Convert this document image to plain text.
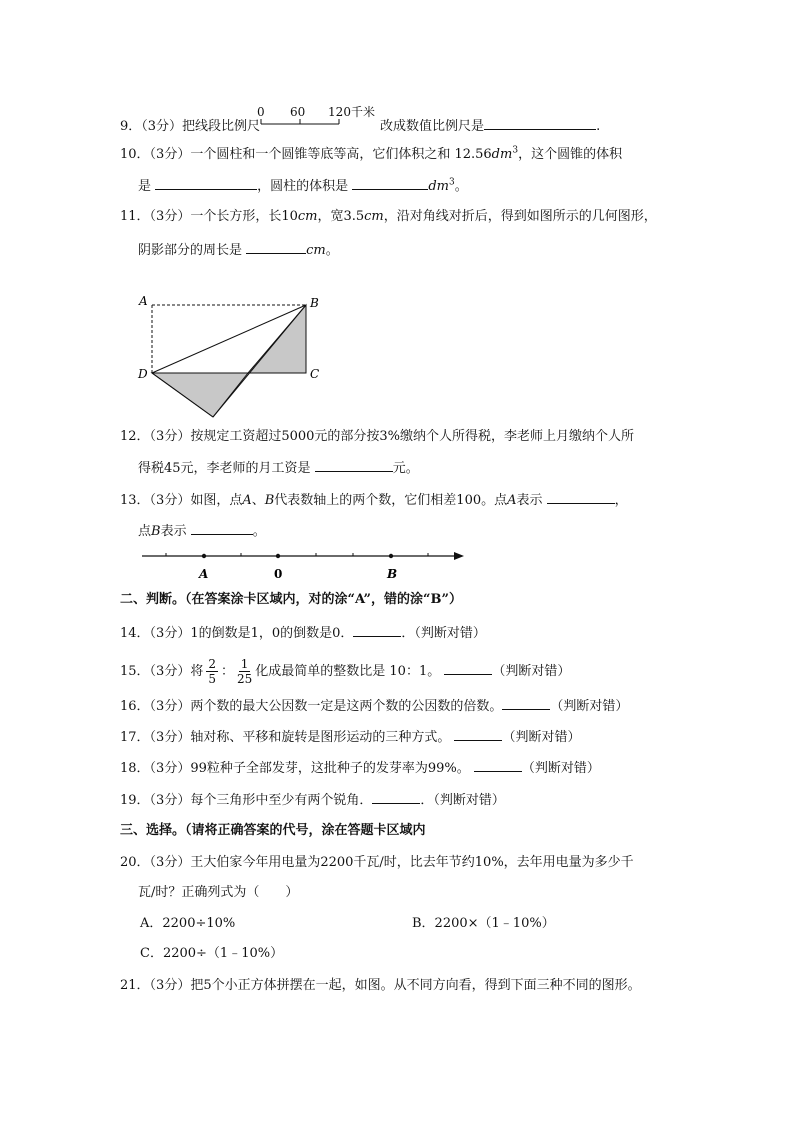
9．（3分）把线段比例尺
0 60 120千米
改成数值比例尺是	.
10．（3分）一个圆柱和一个圆锥等底等高，它们体积之和 $12.56dm^3$，这个圆锥的体积
是	，圆柱的体积是	$dm^3$。
11．（3分）一个长方形，长10cm，宽3.5cm，沿对角线对折后，得到如图所示的几何图形，
阴影部分的周长是	cm。
A	B
C
D
12．（3分）按规定工资超过5000元的部分按3%缴纳个人所得税，李老师上月缴纳个人所
得税45元，李老师的月工资是	元。
13．（3分）如图，点A、B代表数轴上的两个数，它们相差100。点A表示	，
点B表示	。
A	0	B
二、判断。（在答案涂卡区域内，对的涂“A”，错的涂“B”）
14．（3分）1的倒数是1，0的倒数是0．	．（判断对错）
15．（3分）将 $\frac{2}{5}$ ： $\frac{1}{25}$ 化成最简单的整数比是 10：1。	（判断对错）
16．（3分）两个数的最大公因数一定是这两个数的公因数的倍数。	（判断对错）
17．（3分）轴对称、平移和旋转是图形运动的三种方式。	（判断对错）
18．（3分）99粒种子全部发芽，这批种子的发芽率为99%。	（判断对错）
19．（3分）每个三角形中至少有两个锐角．	．（判断对错）
三、选择。（请将正确答案的代号，涂在答题卡区域内
20．（3分）王大伯家今年用电量为2200千瓦/时，比去年节约10%，去年用电量为多少千
瓦/时？正确列式为（　　）
A．2200÷10%	B．2200×（1﹣10%）
C．2200÷（1﹣10%）
21．（3分）把5个小正方体拼摆在一起，如图。从不同方向看，得到下面三种不同的图形。
